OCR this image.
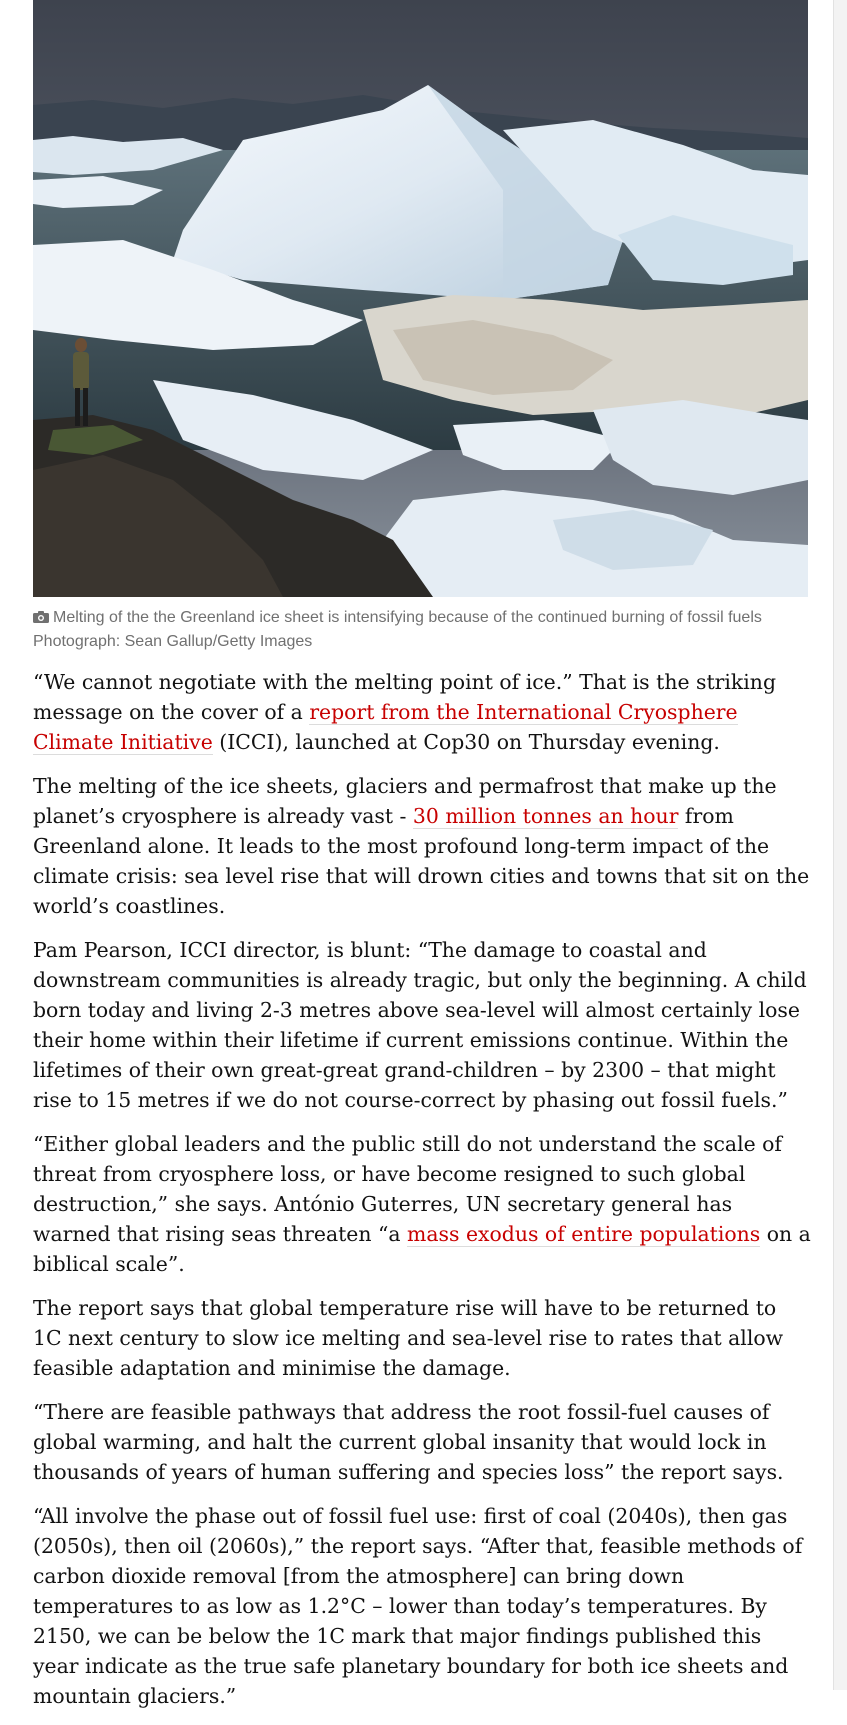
Melting of the the Greenland ice sheet is intensifying because of the continued burning of fossil fuels Photograph: Sean Gallup/Getty Images

“We cannot negotiate with the melting point of ice.” That is the striking message on the cover of a report from the International Cryosphere Climate Initiative (ICCI), launched at Cop30 on Thursday evening.

The melting of the ice sheets, glaciers and permafrost that make up the planet’s cryosphere is already vast - 30 million tonnes an hour from Greenland alone. It leads to the most profound long-term impact of the climate crisis: sea level rise that will drown cities and towns that sit on the world’s coastlines.

Pam Pearson, ICCI director, is blunt: “The damage to coastal and downstream communities is already tragic, but only the beginning. A child born today and living 2-3 metres above sea-level will almost certainly lose their home within their lifetime if current emissions continue. Within the lifetimes of their own great-great grand-children – by 2300 – that might rise to 15 metres if we do not course-correct by phasing out fossil fuels.”

“Either global leaders and the public still do not understand the scale of threat from cryosphere loss, or have become resigned to such global destruction,” she says. António Guterres, UN secretary general has warned that rising seas threaten “a mass exodus of entire populations on a biblical scale”.

The report says that global temperature rise will have to be returned to 1C next century to slow ice melting and sea-level rise to rates that allow feasible adaptation and minimise the damage.

“There are feasible pathways that address the root fossil-fuel causes of global warming, and halt the current global insanity that would lock in thousands of years of human suffering and species loss” the report says.

“All involve the phase out of fossil fuel use: first of coal (2040s), then gas (2050s), then oil (2060s),” the report says. “After that, feasible methods of carbon dioxide removal [from the atmosphere] can bring down temperatures to as low as 1.2°C – lower than today’s temperatures. By 2150, we can be below the 1C mark that major findings published this year indicate as the true safe planetary boundary for both ice sheets and mountain glaciers.”
